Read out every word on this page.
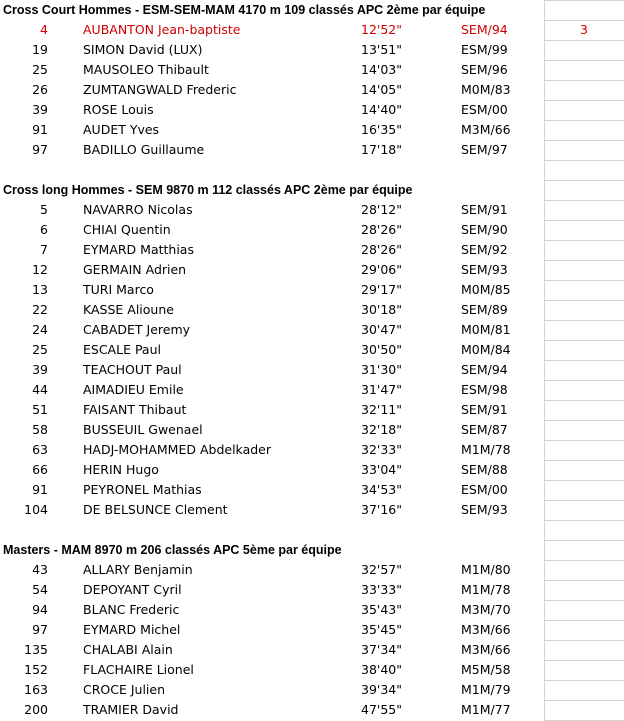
Cross Court Hommes - ESM-SEM-MAM 4170 m 109 classés APC 2ème par équipe
4	AUBANTON Jean-baptiste	12'52"	SEM/94	3
19	SIMON David (LUX)	13'51"	ESM/99
25	MAUSOLEO Thibault	14'03"	SEM/96
26	ZUMTANGWALD Frederic	14'05"	M0M/83
39	ROSE Louis	14'40"	ESM/00
91	AUDET Yves	16'35"	M3M/66
97	BADILLO Guillaume	17'18"	SEM/97
Cross long Hommes - SEM 9870 m 112 classés APC 2ème par équipe
5	NAVARRO Nicolas	28'12"	SEM/91
6	CHIAI Quentin	28'26"	SEM/90
7	EYMARD Matthias	28'26"	SEM/92
12	GERMAIN Adrien	29'06"	SEM/93
13	TURI Marco	29'17"	M0M/85
22	KASSE Alioune	30'18"	SEM/89
24	CABADET Jeremy	30'47"	M0M/81
25	ESCALE Paul	30'50"	M0M/84
39	TEACHOUT Paul	31'30"	SEM/94
44	AIMADIEU Emile	31'47"	ESM/98
51	FAISANT Thibaut	32'11"	SEM/91
58	BUSSEUIL Gwenael	32'18"	SEM/87
63	HADJ-MOHAMMED Abdelkader	32'33"	M1M/78
66	HERIN Hugo	33'04"	SEM/88
91	PEYRONEL Mathias	34'53"	ESM/00
104	DE BELSUNCE Clement	37'16"	SEM/93
Masters - MAM 8970 m 206 classés APC 5ème par équipe
43	ALLARY Benjamin	32'57"	M1M/80
54	DEPOYANT Cyril	33'33"	M1M/78
94	BLANC Frederic	35'43"	M3M/70
97	EYMARD Michel	35'45"	M3M/66
135	CHALABI Alain	37'34"	M3M/66
152	FLACHAIRE Lionel	38'40"	M5M/58
163	CROCE Julien	39'34"	M1M/79
200	TRAMIER David	47'55"	M1M/77
